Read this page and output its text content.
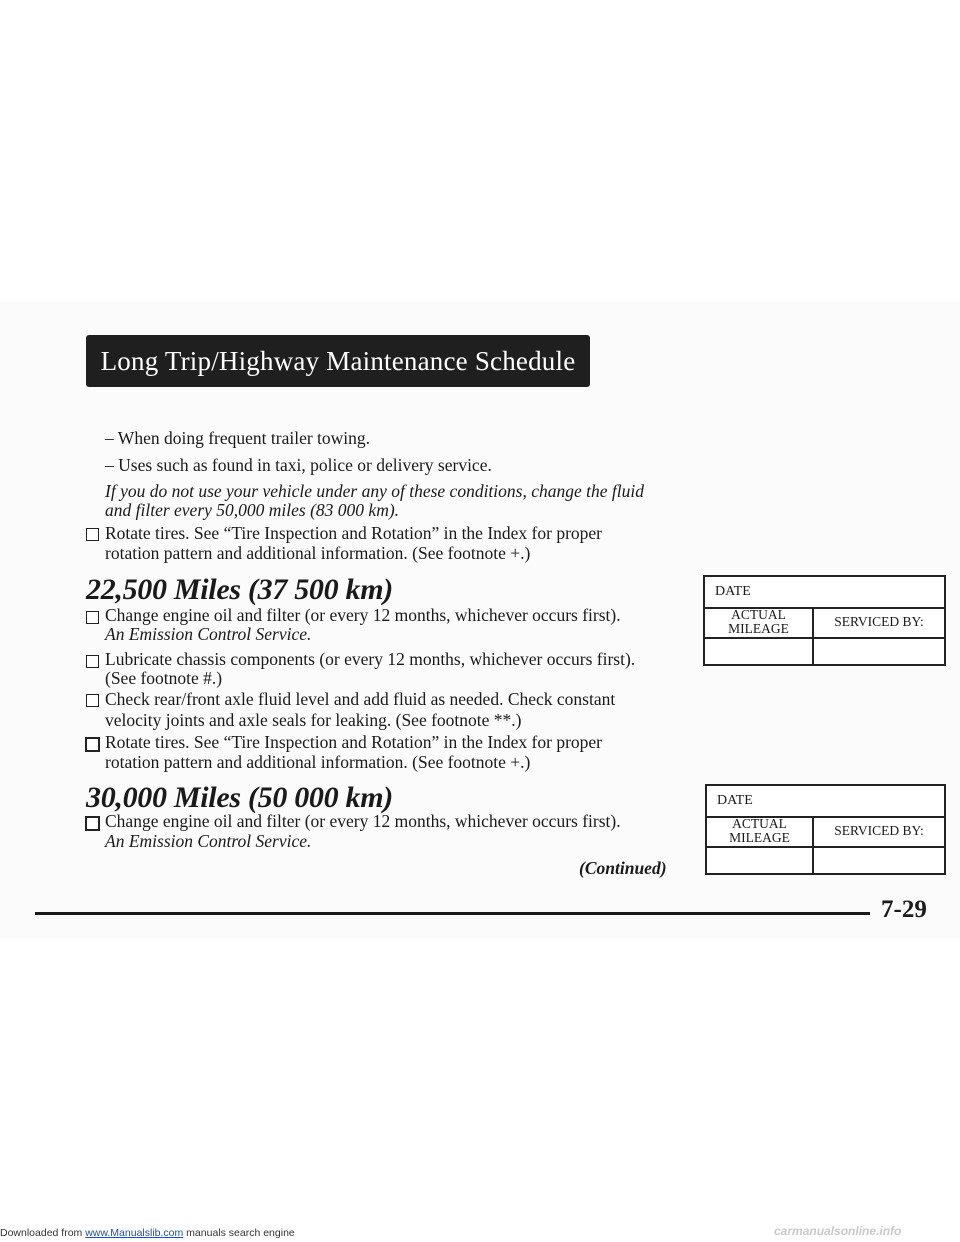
Long Trip/Highway Maintenance Schedule
– When doing frequent trailer towing.
– Uses such as found in taxi, police or delivery service.
If you do not use your vehicle under any of these conditions, change the fluid
and filter every 50,000 miles (83 000 km).
Rotate tires. See “Tire Inspection and Rotation” in the Index for proper
rotation pattern and additional information. (See footnote +.)
22,500 Miles (37 500 km)
Change engine oil and filter (or every 12 months, whichever occurs first).
An Emission Control Service.
Lubricate chassis components (or every 12 months, whichever occurs first).
(See footnote #.)
Check rear/front axle fluid level and add fluid as needed. Check constant
velocity joints and axle seals for leaking. (See footnote **.)
Rotate tires. See “Tire Inspection and Rotation” in the Index for proper
rotation pattern and additional information. (See footnote +.)
30,000 Miles (50 000 km)
Change engine oil and filter (or every 12 months, whichever occurs first).
An Emission Control Service.
(Continued)
DATE
ACTUAL
MILEAGE	SERVICED BY:
DATE
ACTUAL
MILEAGE	SERVICED BY:
7-29
Downloaded from www.Manualslib.com manuals search engine	carmanualsonline.info
